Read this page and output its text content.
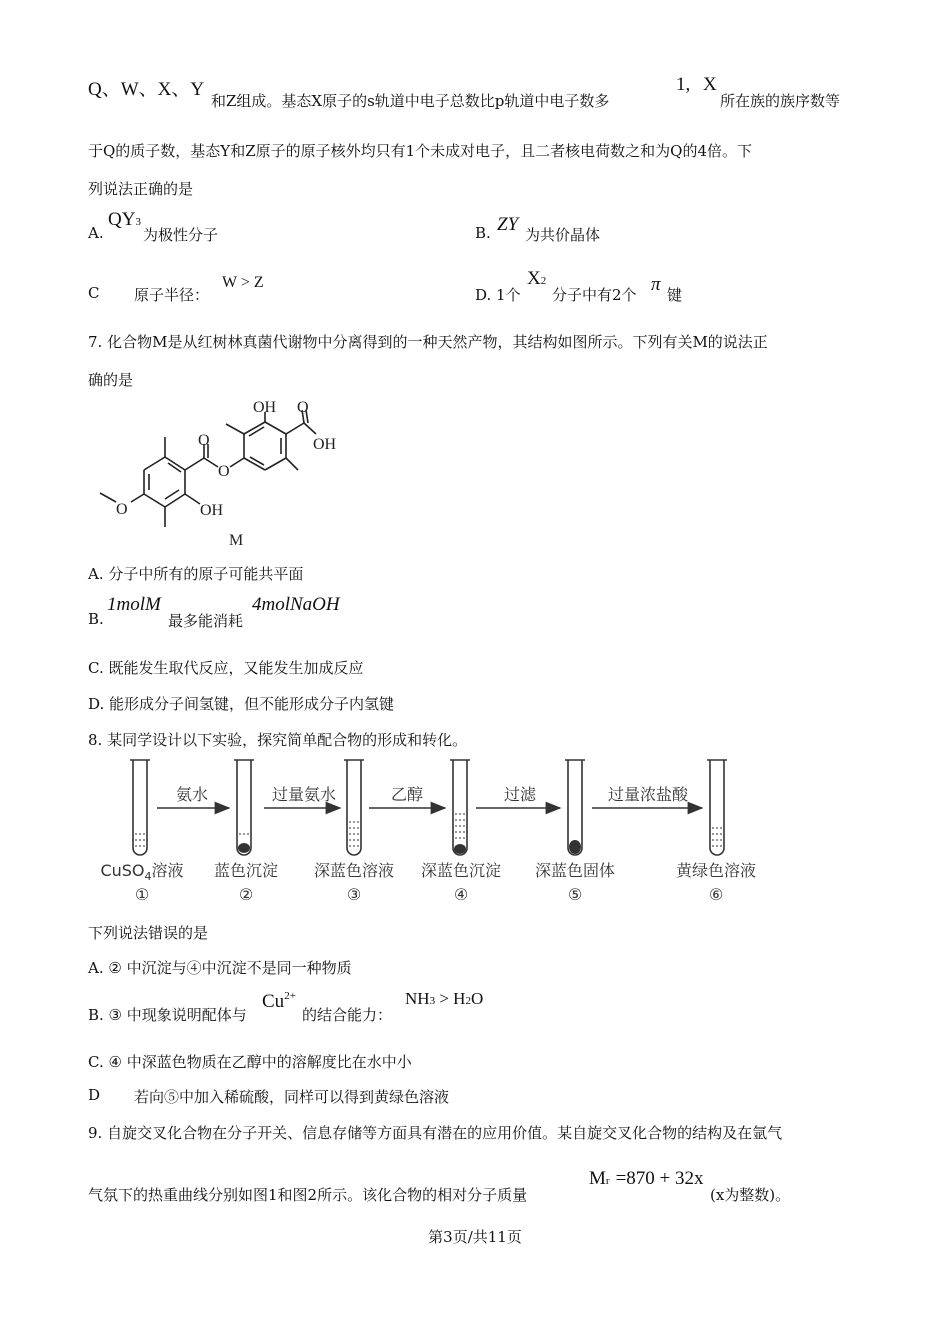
Q、W、X、Y
和Z组成。基态X原子的s轨道中电子总数比p轨道中电子数多
1, X
所在族的族序数等
于Q的质子数，基态Y和Z原子的原子核外均只有1个未成对电子，且二者核电荷数之和为Q的4倍。下
列说法正确的是
A.
QY3
为极性分子	B. ZY 为共价晶体
C 原子半径：
W > Z
D. 1个
X2
分子中有2个 π 键
7. 化合物M是从红树林真菌代谢物中分离得到的一种天然产物，其结构如图所示。下列有关M的说法正
确的是
OH O
OH
O
O
O	OH
M
A. 分子中所有的原子可能共平面
B.
1molM
最多能消耗
4molNaOH
C. 既能发生取代反应，又能发生加成反应
D. 能形成分子间氢键，但不能形成分子内氢键
8. 某同学设计以下实验，探究简单配合物的形成和转化。
氨水	过量氨水	乙醇	过滤	过量浓盐酸
CuSO$_4$溶液 蓝色沉淀 深蓝色溶液 深蓝色沉淀 深蓝色固体	黄绿色溶液
①	②	③	④	⑤	⑥
下列说法错误的是
A. ② 中沉淀与④中沉淀不是同一种物质
B. ③ 中现象说明配体与
$Cu^{2+}$
的结合能力：
NH3 > H2O
C. ④ 中深蓝色物质在乙醇中的溶解度比在水中小
D 若向⑤中加入稀硫酸，同样可以得到黄绿色溶液
9. 自旋交叉化合物在分子开关、信息存储等方面具有潜在的应用价值。某自旋交叉化合物的结构及在氩气
气氛下的热重曲线分别如图1和图2所示。该化合物的相对分子质量
Mr =870 + 32x
(x为整数)。
第3页/共11页
